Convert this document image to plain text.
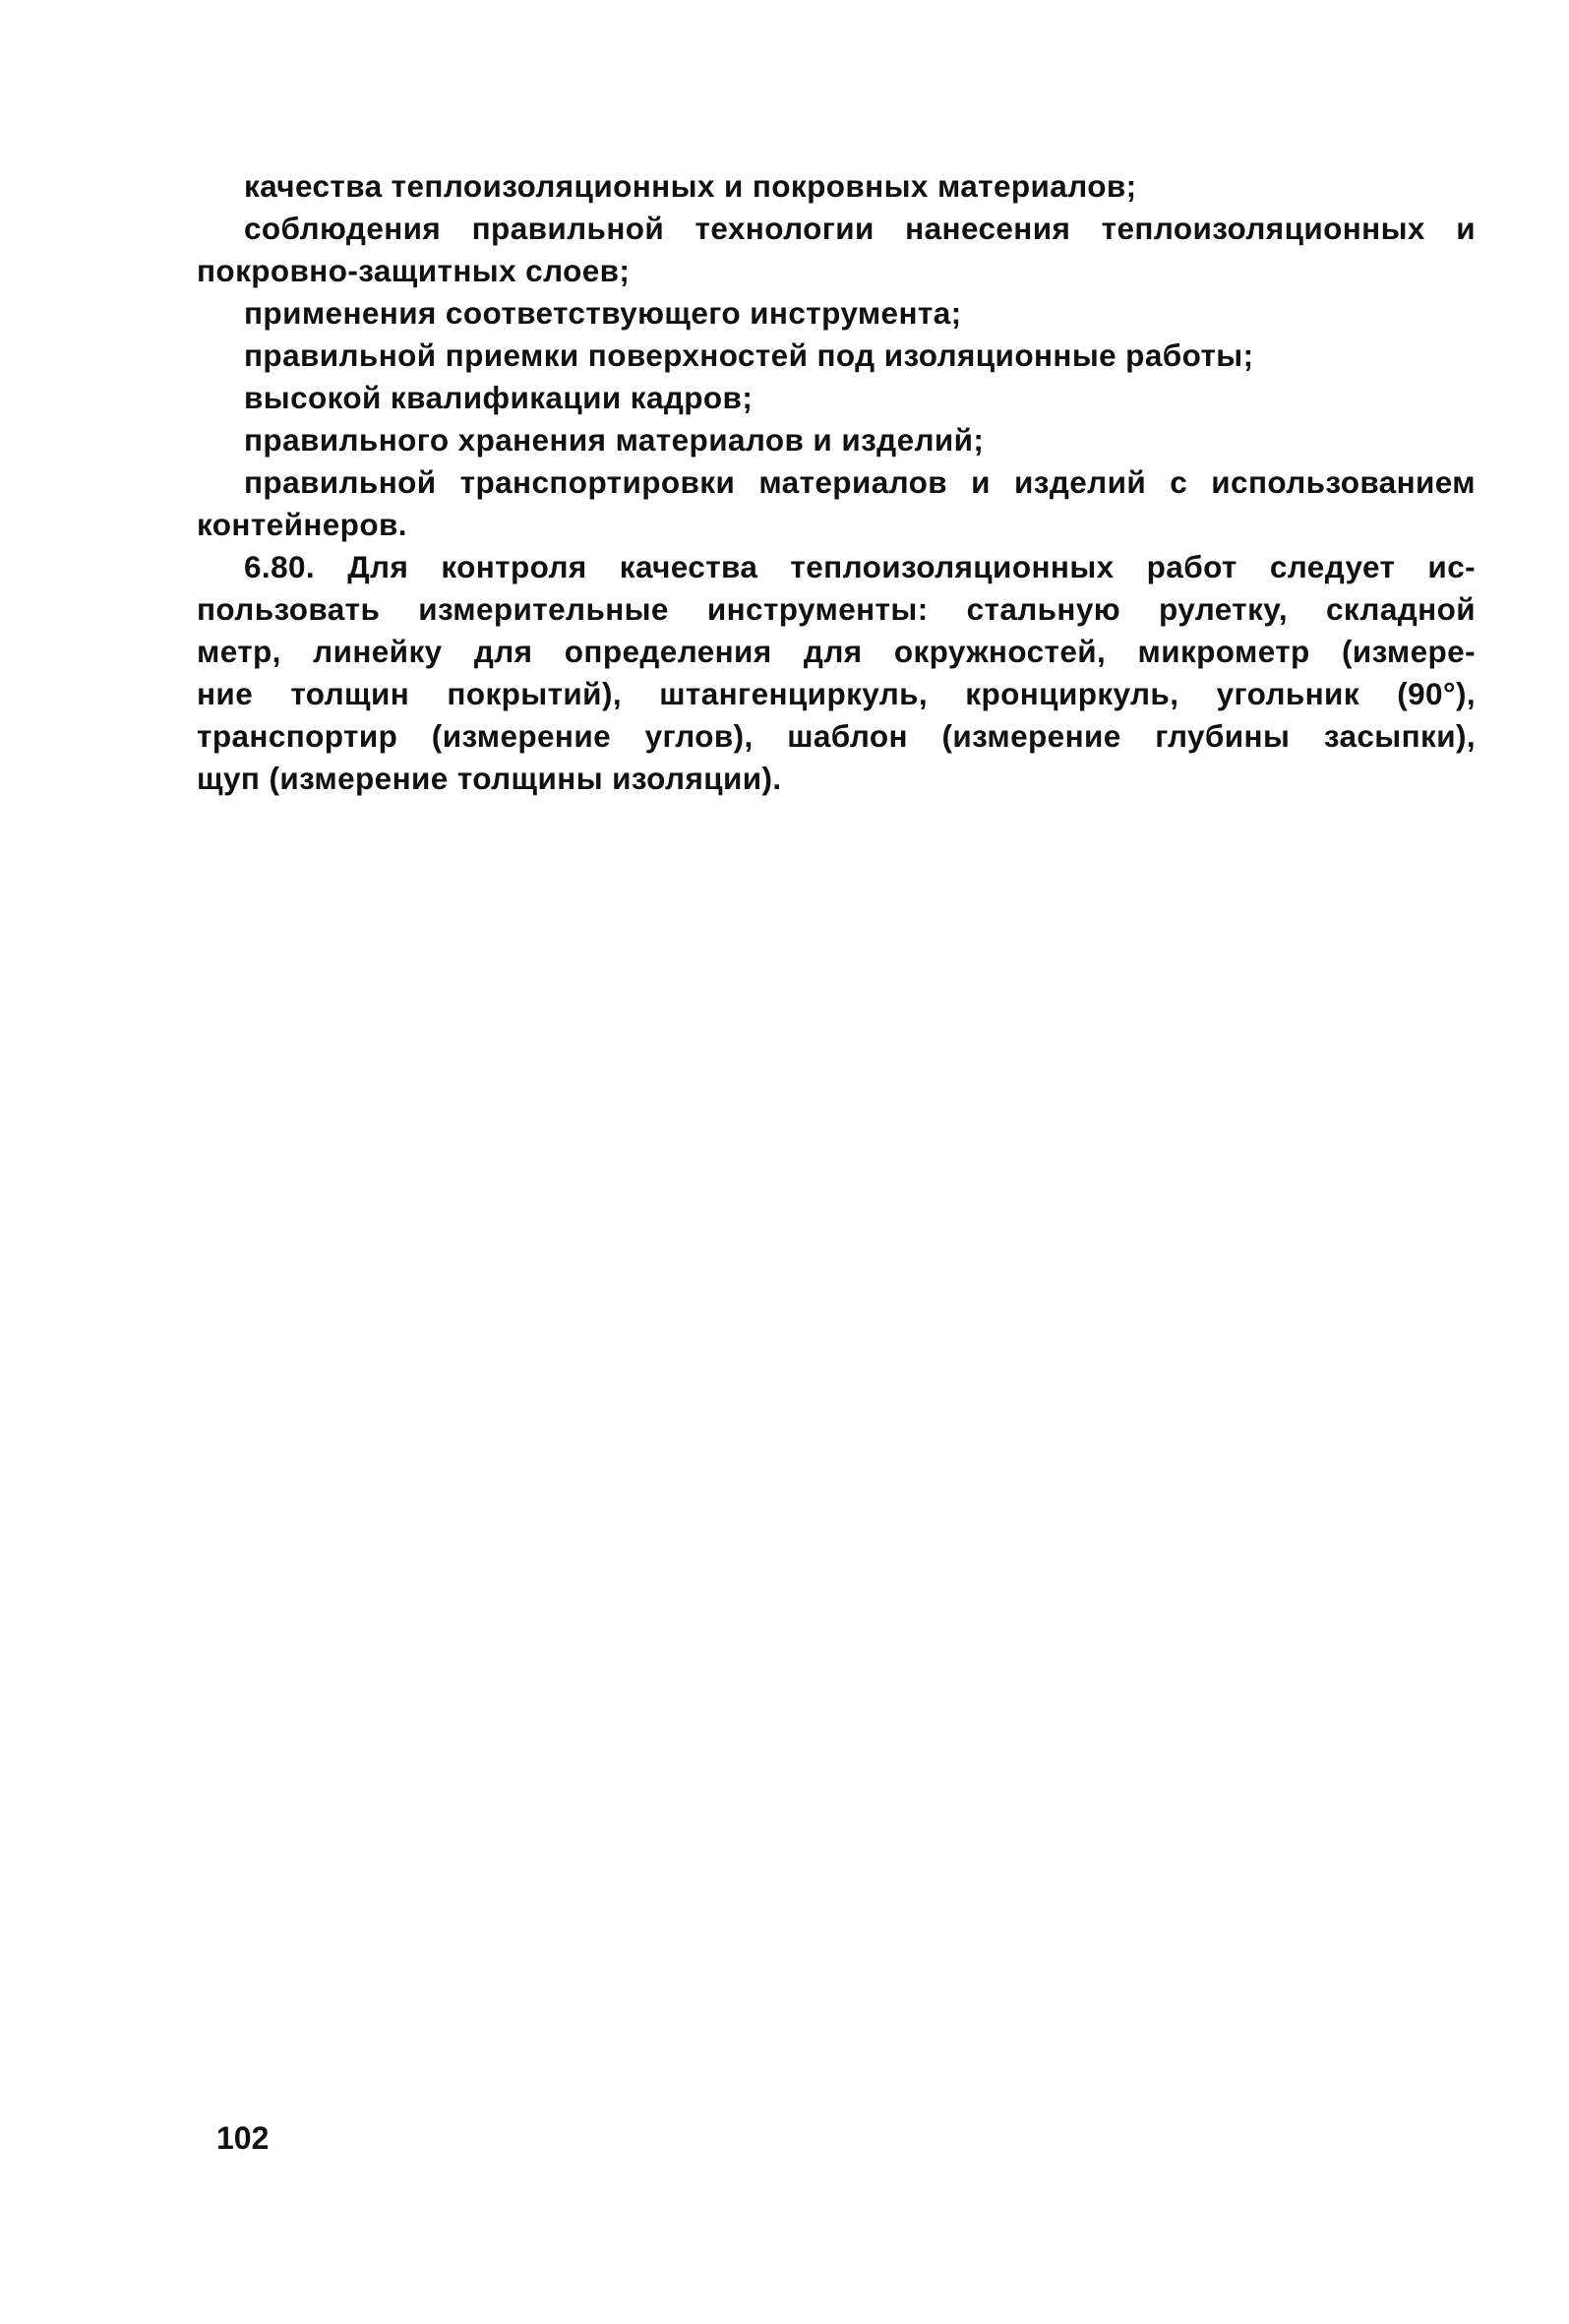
качества теплоизоляционных и покровных материалов;
соблюдения правильной технологии нанесения теплоизоляционных и
покровно-защитных слоев;
применения соответствующего инструмента;
правильной приемки поверхностей под изоляционные работы;
высокой квалификации кадров;
правильного хранения материалов и изделий;
правильной транспортировки материалов и изделий с использованием
контейнеров.
6.80. Для контроля качества теплоизоляционных работ следует ис-
пользовать измерительные инструменты: стальную рулетку, складной
метр, линейку для определения для окружностей, микрометр (измере-
ние толщин покрытий), штангенциркуль, кронциркуль, угольник (90°),
транспортир (измерение углов), шаблон (измерение глубины засыпки),
щуп (измерение толщины изоляции).
102
